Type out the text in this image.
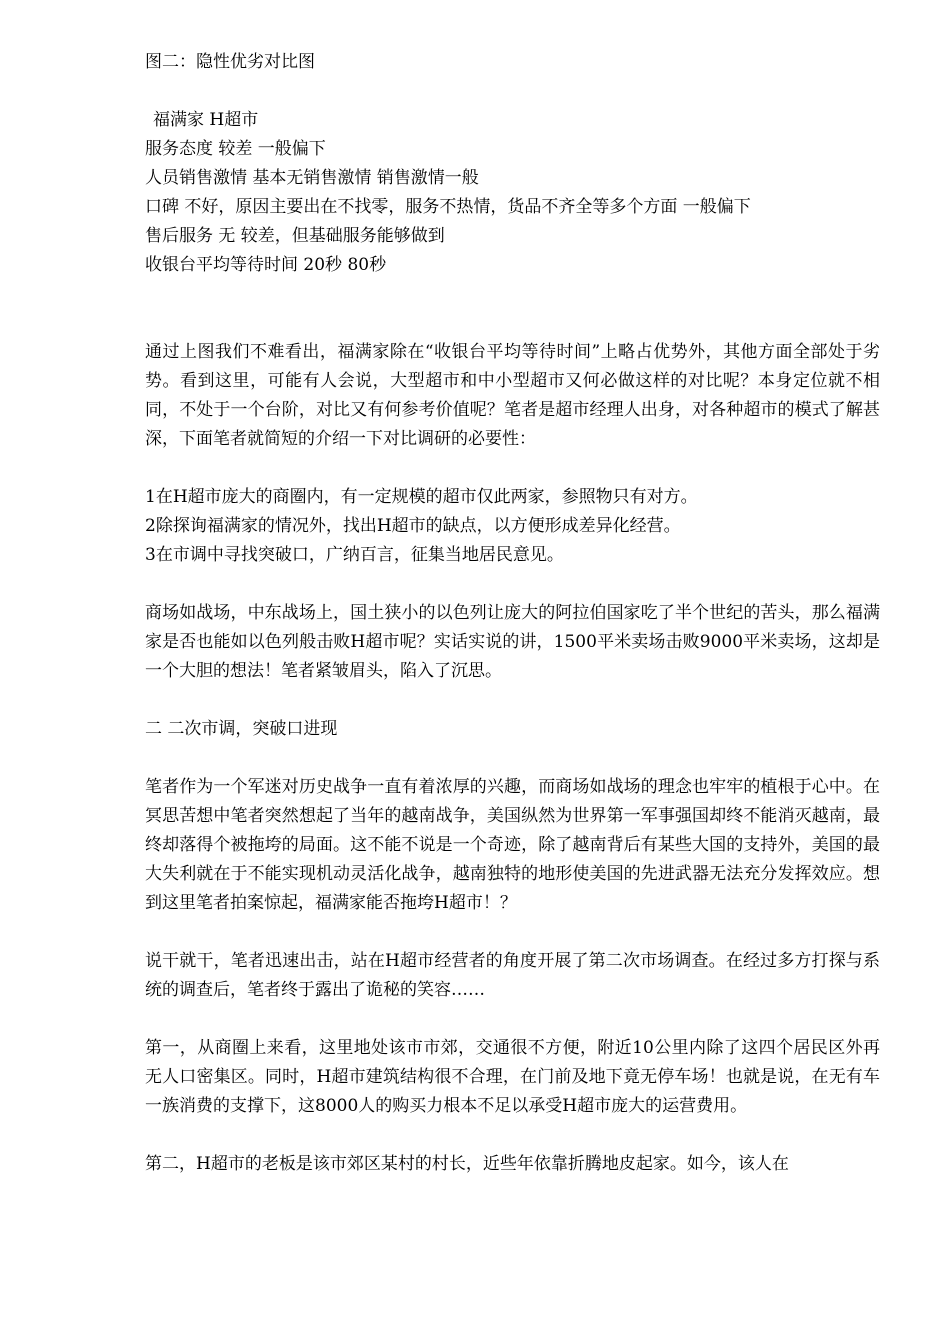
图二：隐性优劣对比图

福满家 H超市

服务态度 较差 一般偏下

人员销售激情 基本无销售激情 销售激情一般

口碑 不好，原因主要出在不找零，服务不热情，货品不齐全等多个方面 一般偏下

售后服务 无 较差，但基础服务能够做到

收银台平均等待时间 20秒 80秒

通过上图我们不难看出，福满家除在“收银台平均等待时间”上略占优势外，其他方面全部处于劣势。看到这里，可能有人会说，大型超市和中小型超市又何必做这样的对比呢？本身定位就不相同，不处于一个台阶，对比又有何参考价值呢？笔者是超市经理人出身，对各种超市的模式了解甚深，下面笔者就简短的介绍一下对比调研的必要性：

1在H超市庞大的商圈内，有一定规模的超市仅此两家，参照物只有对方。

2除探询福满家的情况外，找出H超市的缺点，以方便形成差异化经营。

3在市调中寻找突破口，广纳百言，征集当地居民意见。

商场如战场，中东战场上，国土狭小的以色列让庞大的阿拉伯国家吃了半个世纪的苦头，那么福满家是否也能如以色列般击败H超市呢？实话实说的讲，1500平米卖场击败9000平米卖场，这却是一个大胆的想法！笔者紧皱眉头，陷入了沉思。

二 二次市调，突破口进现

笔者作为一个军迷对历史战争一直有着浓厚的兴趣，而商场如战场的理念也牢牢的植根于心中。在冥思苦想中笔者突然想起了当年的越南战争，美国纵然为世界第一军事强国却终不能消灭越南，最终却落得个被拖垮的局面。这不能不说是一个奇迹，除了越南背后有某些大国的支持外，美国的最大失利就在于不能实现机动灵活化战争，越南独特的地形使美国的先进武器无法充分发挥效应。想到这里笔者拍案惊起，福满家能否拖垮H超市！？

说干就干，笔者迅速出击，站在H超市经营者的角度开展了第二次市场调查。在经过多方打探与系统的调查后，笔者终于露出了诡秘的笑容……

第一，从商圈上来看，这里地处该市市郊，交通很不方便，附近10公里内除了这四个居民区外再无人口密集区。同时，H超市建筑结构很不合理，在门前及地下竟无停车场！也就是说，在无有车一族消费的支撑下，这8000人的购买力根本不足以承受H超市庞大的运营费用。

第二，H超市的老板是该市郊区某村的村长，近些年依靠折腾地皮起家。如今，该人在
